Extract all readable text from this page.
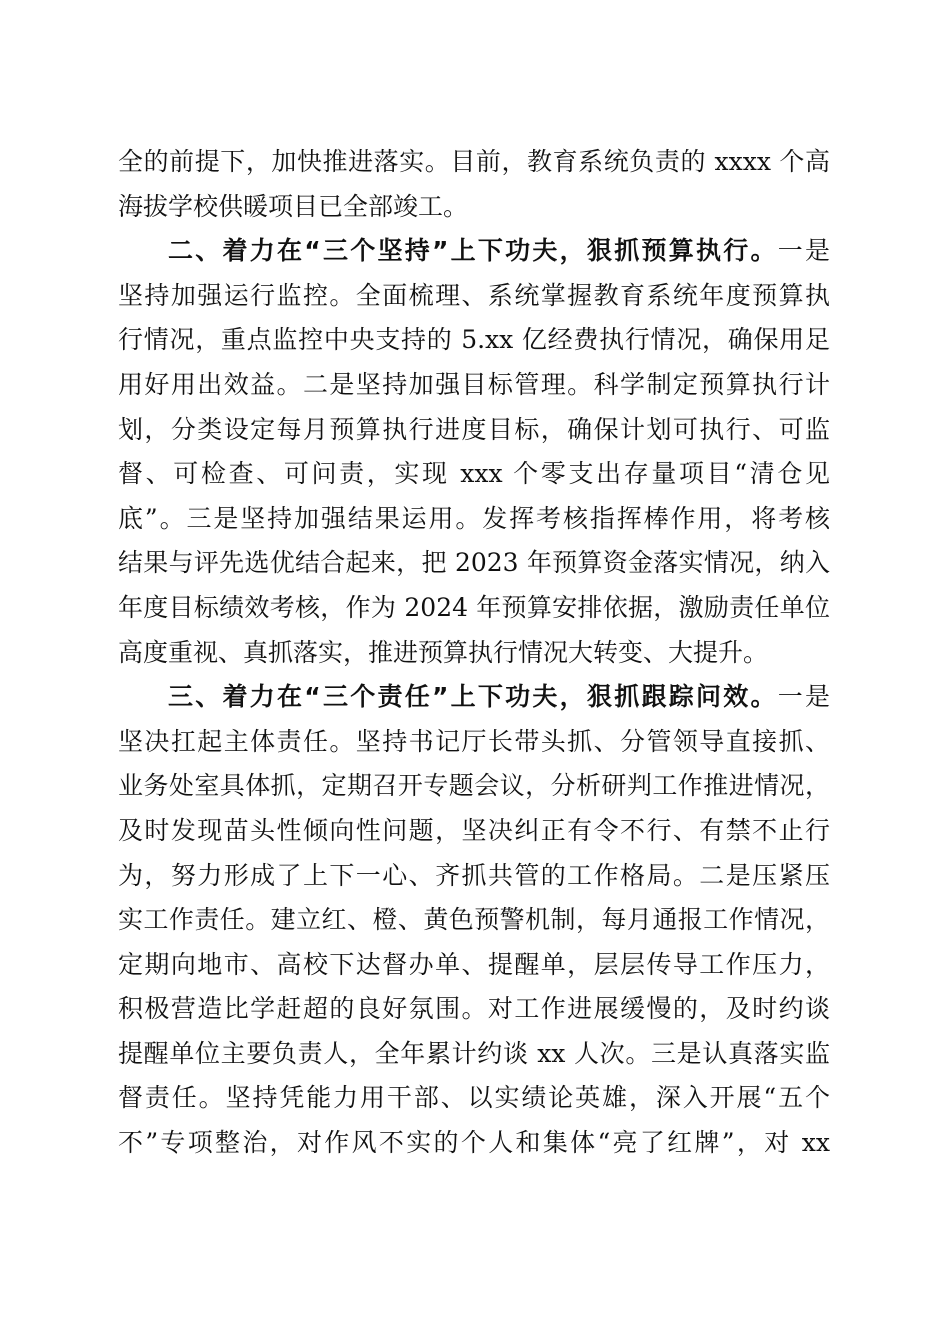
全的前提下，加快推进落实。目前，教育系统负责的 xxxx 个高
海拔学校供暖项目已全部竣工。
二、着力在“三个坚持”上下功夫，狠抓预算执行。一是
坚持加强运行监控。全面梳理、系统掌握教育系统年度预算执
行情况，重点监控中央支持的 5.xx 亿经费执行情况，确保用足
用好用出效益。二是坚持加强目标管理。科学制定预算执行计
划，分类设定每月预算执行进度目标，确保计划可执行、可监
督、可检查、可问责，实现 xxx 个零支出存量项目“清仓见
底”。三是坚持加强结果运用。发挥考核指挥棒作用，将考核
结果与评先选优结合起来，把 2023 年预算资金落实情况，纳入
年度目标绩效考核，作为 2024 年预算安排依据，激励责任单位
高度重视、真抓落实，推进预算执行情况大转变、大提升。
三、着力在“三个责任”上下功夫，狠抓跟踪问效。一是
坚决扛起主体责任。坚持书记厅长带头抓、分管领导直接抓、
业务处室具体抓，定期召开专题会议，分析研判工作推进情况，
及时发现苗头性倾向性问题，坚决纠正有令不行、有禁不止行
为，努力形成了上下一心、齐抓共管的工作格局。二是压紧压
实工作责任。建立红、橙、黄色预警机制，每月通报工作情况，
定期向地市、高校下达督办单、提醒单，层层传导工作压力，
积极营造比学赶超的良好氛围。对工作进展缓慢的，及时约谈
提醒单位主要负责人，全年累计约谈 xx 人次。三是认真落实监
督责任。坚持凭能力用干部、以实绩论英雄，深入开展“五个
不”专项整治，对作风不实的个人和集体“亮了红牌”，对 xx
